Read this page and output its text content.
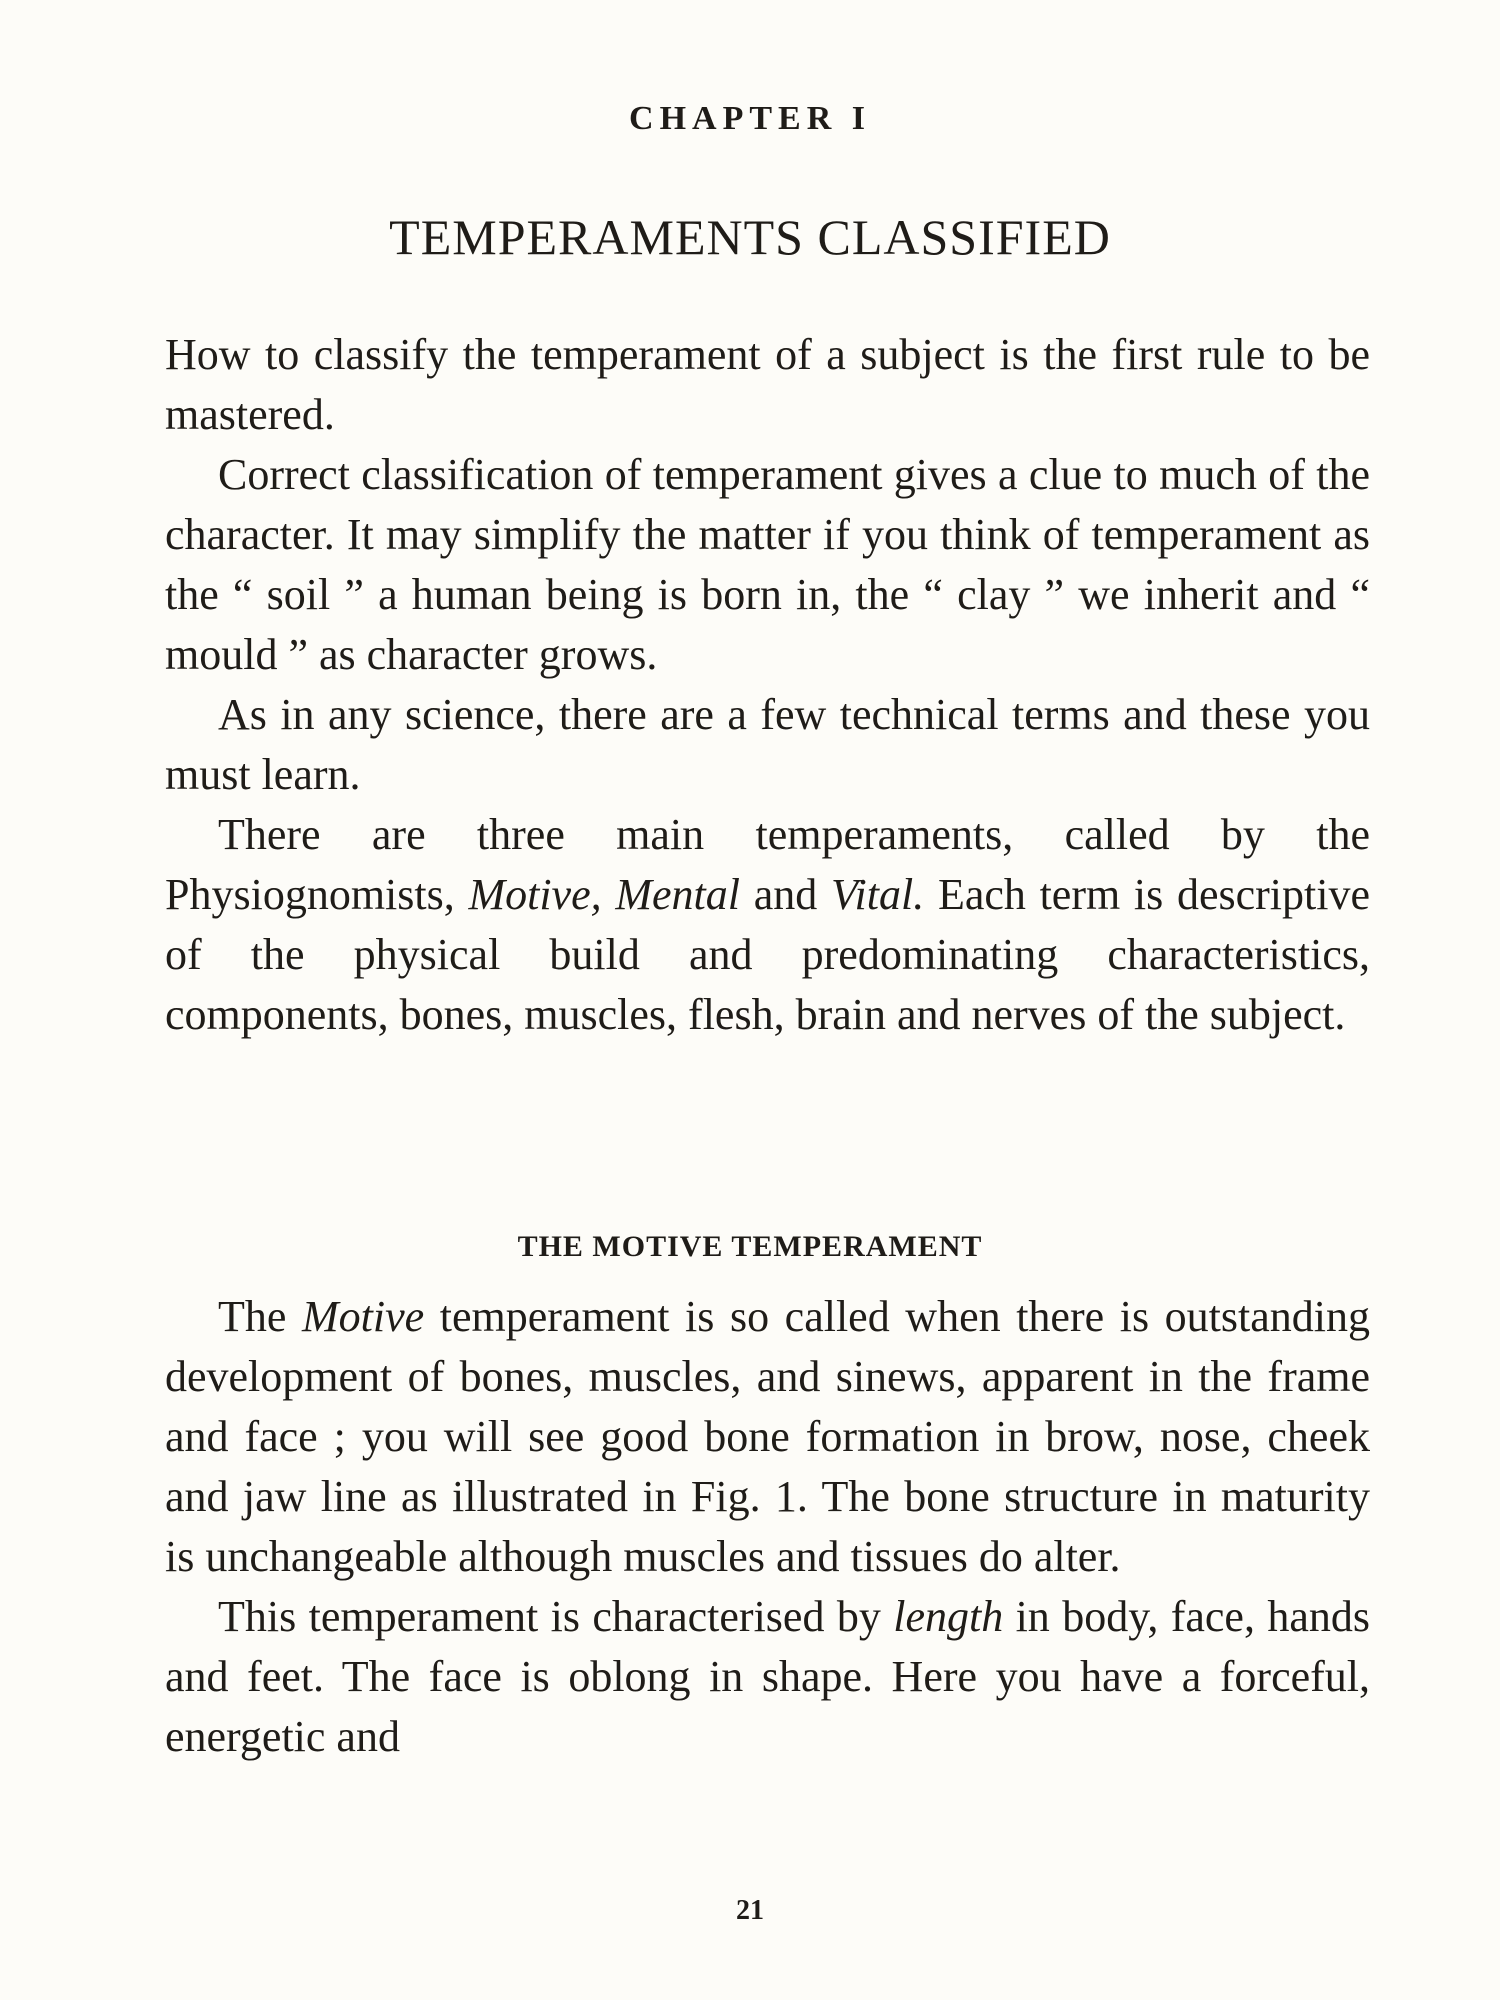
CHAPTER I
TEMPERAMENTS CLASSIFIED

How to classify the temperament of a subject is the first rule to be mastered.

Correct classification of temperament gives a clue to much of the character. It may simplify the matter if you think of temperament as the “ soil ” a human being is born in, the “ clay ” we inherit and “ mould ” as character grows.

As in any science, there are a few technical terms and these you must learn.

There are three main temperaments, called by the Physiognomists, Motive, Mental and Vital. Each term is descriptive of the physical build and predominating characteristics, components, bones, muscles, flesh, brain and nerves of the subject.

THE MOTIVE TEMPERAMENT

The Motive temperament is so called when there is outstanding development of bones, muscles, and sinews, apparent in the frame and face ; you will see good bone formation in brow, nose, cheek and jaw line as illustrated in Fig. 1. The bone structure in maturity is unchangeable although muscles and tissues do alter.

This temperament is characterised by length in body, face, hands and feet. The face is oblong in shape. Here you have a forceful, energetic and

21
